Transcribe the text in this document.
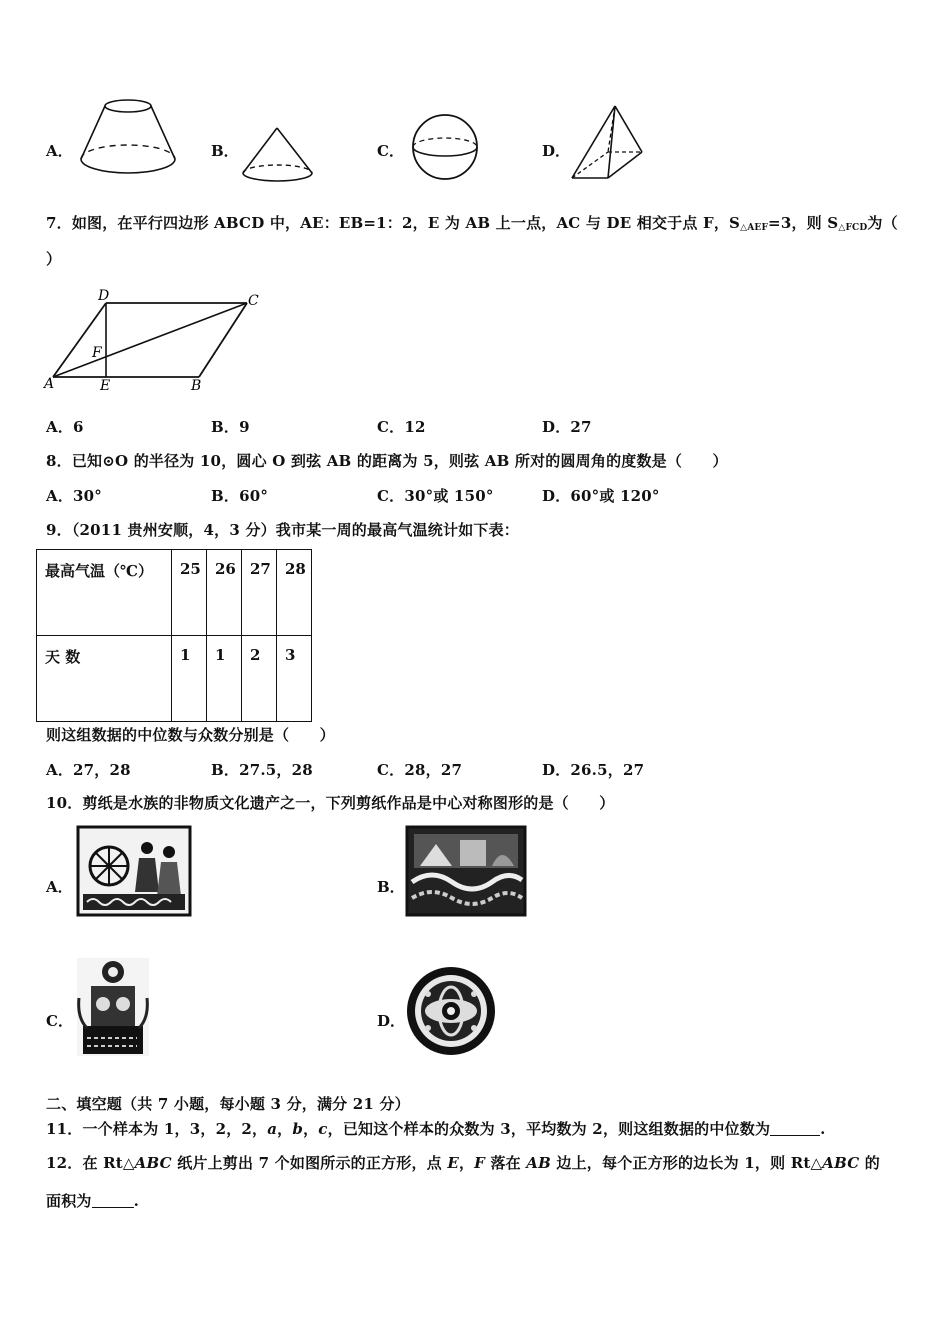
A．	B．	C．	D．
7．如图，在平行四边形 ABCD 中，AE：EB=1：2，E 为 AB 上一点，AC 与 DE 相交于点 F，$S_{\triangle AEF}=3$，则 $S_{\triangle FCD}$为（
）
D	C
F
A	E	B
A．6	B．9	C．12	D．27
8．已知⊙O 的半径为 10，圆心 O 到弦 AB 的距离为 5，则弦 AB 所对的圆周角的度数是（　　）
A．30°	B．60°	C．30°或 150°	D．60°或 120°
9．（2011 贵州安顺，4，3 分）我市某一周的最高气温统计如下表：
最高气温（℃）	25	26	27	28
天 数	1	1	2	3
则这组数据的中位数与众数分别是（　　）
A．27，28	B．27.5，28	C．28，27	D．26.5，27
10．剪纸是水族的非物质文化遗产之一，下列剪纸作品是中心对称图形的是（　　）
A．	B．
C．	D．
二、填空题（共 7 小题，每小题 3 分，满分 21 分）
11．一个样本为 1，3，2，2，a，b，c，已知这个样本的众数为 3，平均数为 2，则这组数据的中位数为	.
12．在 Rt△ABC 纸片上剪出 7 个如图所示的正方形，点 E，F 落在 AB 边上，每个正方形的边长为 1，则 Rt△ABC 的
面积为	.
